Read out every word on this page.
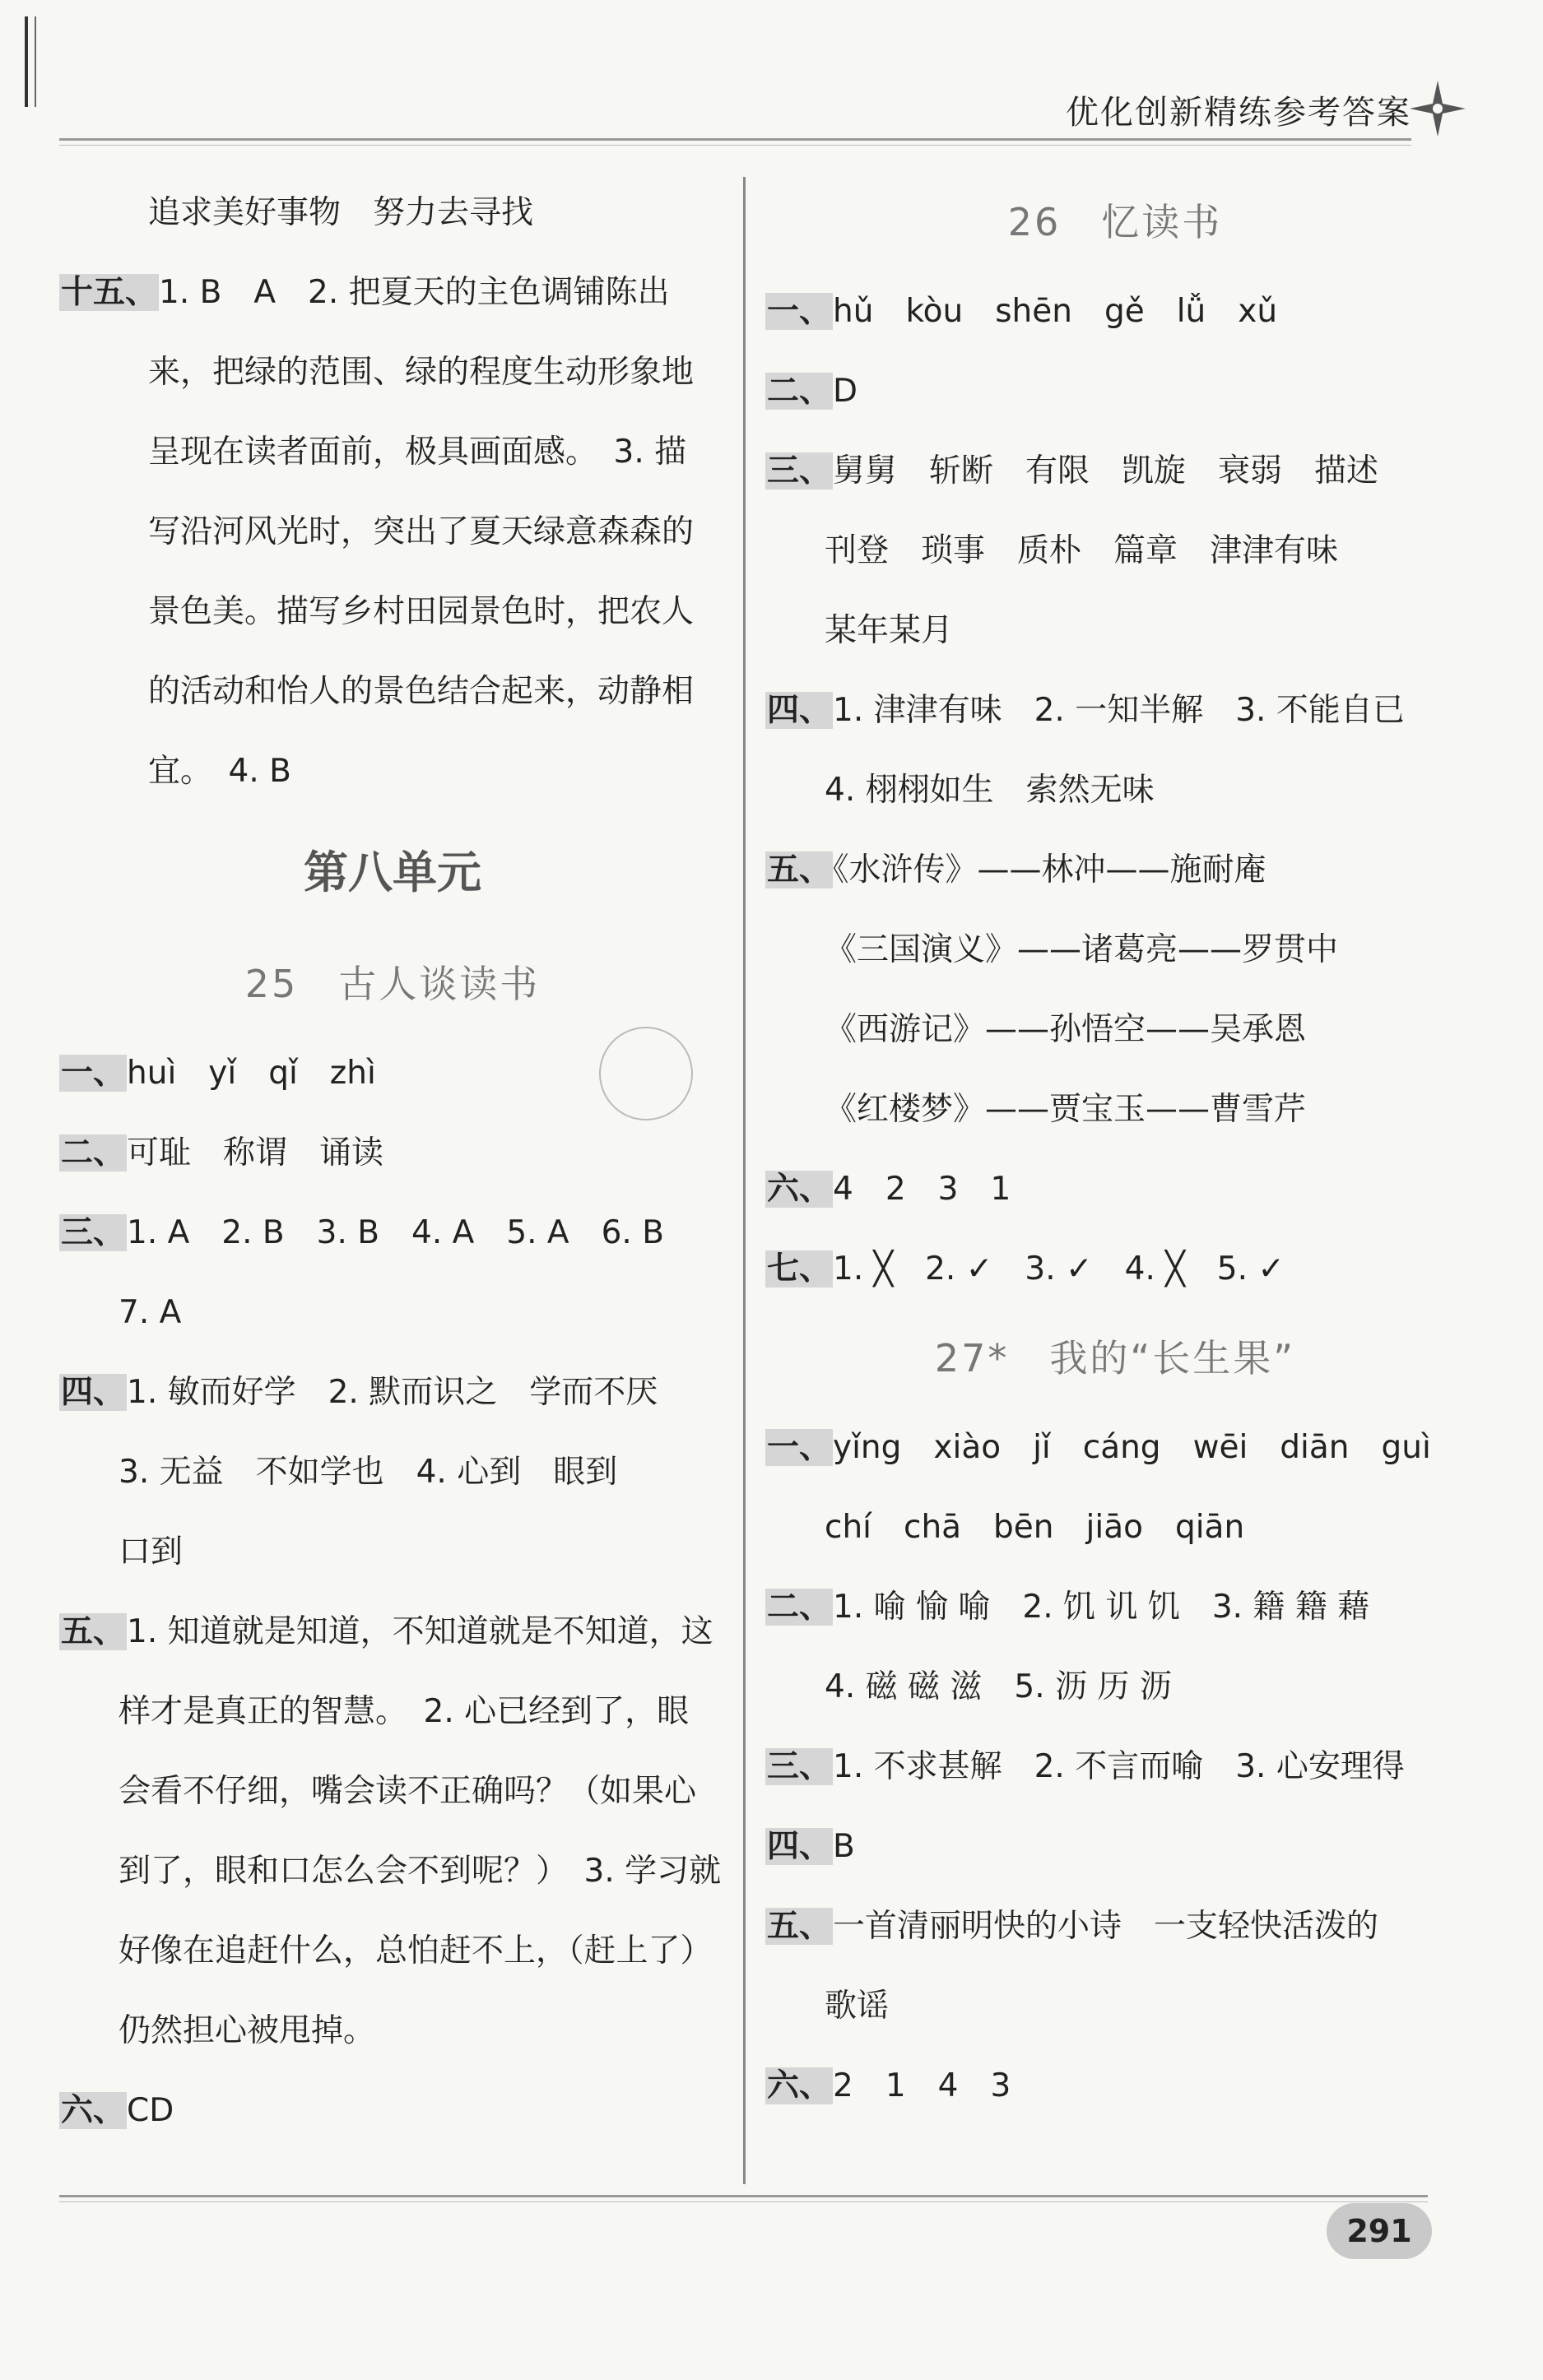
优化创新精练参考答案
追求美好事物　努力去寻找
十五、1. B　A　2. 把夏天的主色调铺陈出
来，把绿的范围、绿的程度生动形象地
呈现在读者面前，极具画面感。　3. 描
写沿河风光时，突出了夏天绿意森森的
景色美。描写乡村田园景色时，把农人
的活动和怡人的景色结合起来，动静相
宜。　4. B
第八单元
25　古人谈读书
一、huì　yǐ　qǐ　zhì
二、可耻　称谓　诵读
三、1. A　2. B　3. B　4. A　5. A　6. B
7. A
四、1. 敏而好学　2. 默而识之　学而不厌
3. 无益　不如学也　4. 心到　眼到
口到
五、1. 知道就是知道，不知道就是不知道，这
样才是真正的智慧。　2. 心已经到了，眼
会看不仔细，嘴会读不正确吗？（如果心
到了，眼和口怎么会不到呢？）　3. 学习就
好像在追赶什么，总怕赶不上，（赶上了）
仍然担心被甩掉。
六、CD
26　忆读书
一、hǔ　kòu　shēn　gě　lǚ　xǔ
二、D
三、舅舅　斩断　有限　凯旋　衰弱　描述
刊登　琐事　质朴　篇章　津津有味
某年某月
四、1. 津津有味　2. 一知半解　3. 不能自已
4. 栩栩如生　索然无味
五、《水浒传》——林冲——施耐庵
《三国演义》——诸葛亮——罗贯中
《西游记》——孙悟空——吴承恩
《红楼梦》——贾宝玉——曹雪芹
六、4　2　3　1
七、1. ╳　2. ✓　3. ✓　4. ╳　5. ✓
27*　我的“长生果”
一、yǐng　xiào　jǐ　cáng　wēi　diān　guì
chí　chā　bēn　jiāo　qiān
二、1. 喻 愉 喻　2. 饥 讥 饥　3. 籍 籍 藉
4. 磁 磁 滋　5. 沥 历 沥
三、1. 不求甚解　2. 不言而喻　3. 心安理得
四、B
五、一首清丽明快的小诗　一支轻快活泼的
歌谣
六、2　1　4　3
291
